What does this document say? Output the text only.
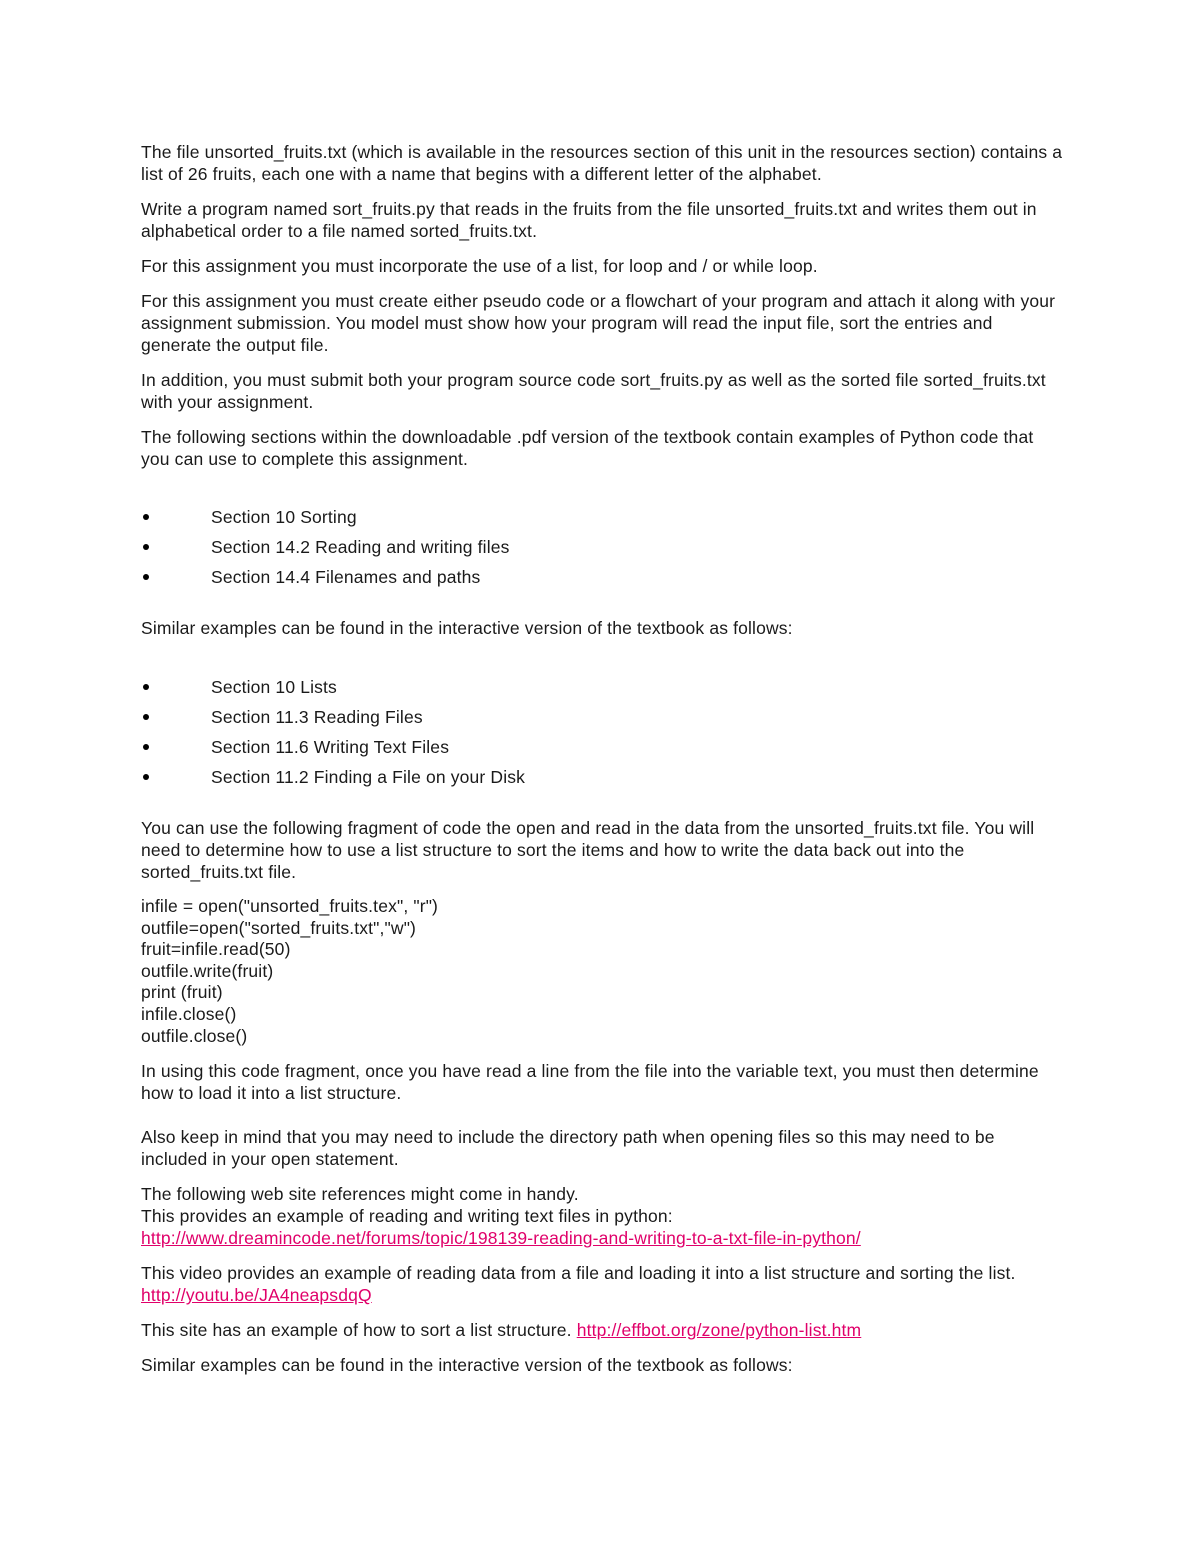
The file unsorted_fruits.txt (which is available in the resources section of this unit in the resources section) contains a list of 26 fruits, each one with a name that begins with a different letter of the alphabet.

Write a program named sort_fruits.py that reads in the fruits from the file unsorted_fruits.txt and writes them out in alphabetical order to a file named sorted_fruits.txt.

For this assignment you must incorporate the use of a list, for loop and / or while loop.

For this assignment you must create either pseudo code or a flowchart of your program and attach it along with your assignment submission. You model must show how your program will read the input file, sort the entries and generate the output file.

In addition, you must submit both your program source code sort_fruits.py as well as the sorted file sorted_fruits.txt with your assignment.

The following sections within the downloadable .pdf version of the textbook contain examples of Python code that you can use to complete this assignment.

Section 10 Sorting
Section 14.2 Reading and writing files
Section 14.4 Filenames and paths

Similar examples can be found in the interactive version of the textbook as follows:

Section 10 Lists
Section 11.3 Reading Files
Section 11.6 Writing Text Files
Section 11.2 Finding a File on your Disk

You can use the following fragment of code the open and read in the data from the unsorted_fruits.txt file. You will need to determine how to use a list structure to sort the items and how to write the data back out into the sorted_fruits.txt file.

infile = open("unsorted_fruits.tex", "r")

outfile=open("sorted_fruits.txt","w")

fruit=infile.read(50)

outfile.write(fruit)

print (fruit)

infile.close()

outfile.close()

In using this code fragment, once you have read a line from the file into the variable text, you must then determine how to load it into a list structure.

Also keep in mind that you may need to include the directory path when opening files so this may need to be included in your open statement.

The following web site references might come in handy.

This provides an example of reading and writing text files in python:

http://www.dreamincode.net/forums/topic/198139-reading-and-writing-to-a-txt-file-in-python/

This video provides an example of reading data from a file and loading it into a list structure and sorting the list.

http://youtu.be/JA4neapsdqQ

This site has an example of how to sort a list structure. http://effbot.org/zone/python-list.htm

Similar examples can be found in the interactive version of the textbook as follows:
